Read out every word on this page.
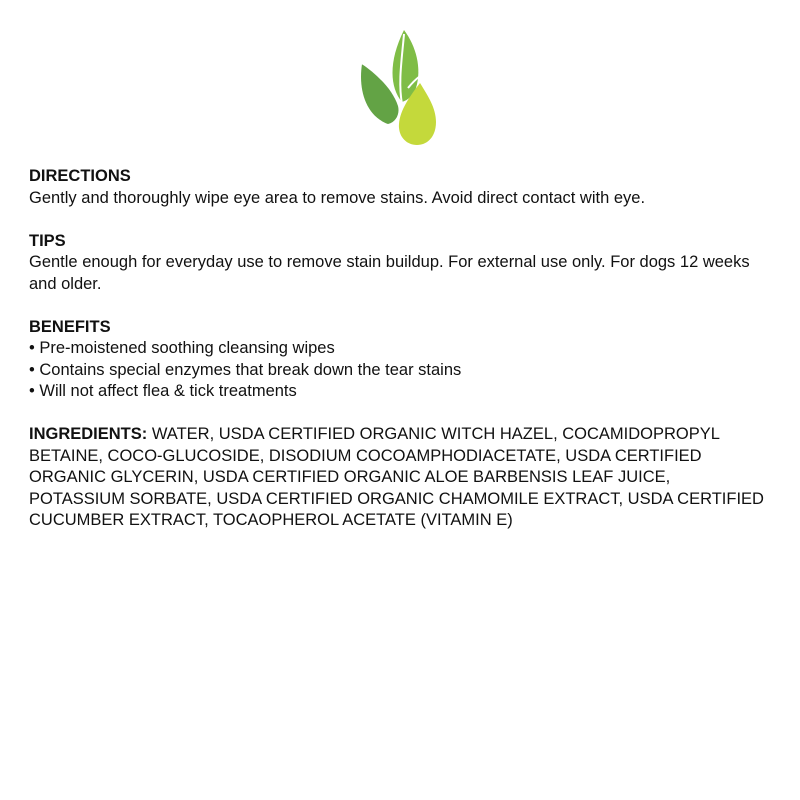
DIRECTIONS
Gently and thoroughly wipe eye area to remove stains. Avoid direct contact with eye.
TIPS
Gentle enough for everyday use to remove stain buildup. For external use only. For dogs 12 weeks and older.
BENEFITS
• Pre-moistened soothing cleansing wipes
• Contains special enzymes that break down the tear stains
• Will not affect flea & tick treatments
INGREDIENTS: WATER, USDA CERTIFIED ORGANIC WITCH HAZEL, COCAMIDOPROPYL BETAINE, COCO-GLUCOSIDE, DISODIUM COCOAMPHODIACETATE, USDA CERTIFIED ORGANIC GLYCERIN, USDA CERTIFIED ORGANIC ALOE BARBENSIS LEAF JUICE, POTASSIUM SORBATE, USDA CERTIFIED ORGANIC CHAMOMILE EXTRACT, USDA CERTIFIED CUCUMBER EXTRACT, TOCAOPHEROL ACETATE (VITAMIN E)
